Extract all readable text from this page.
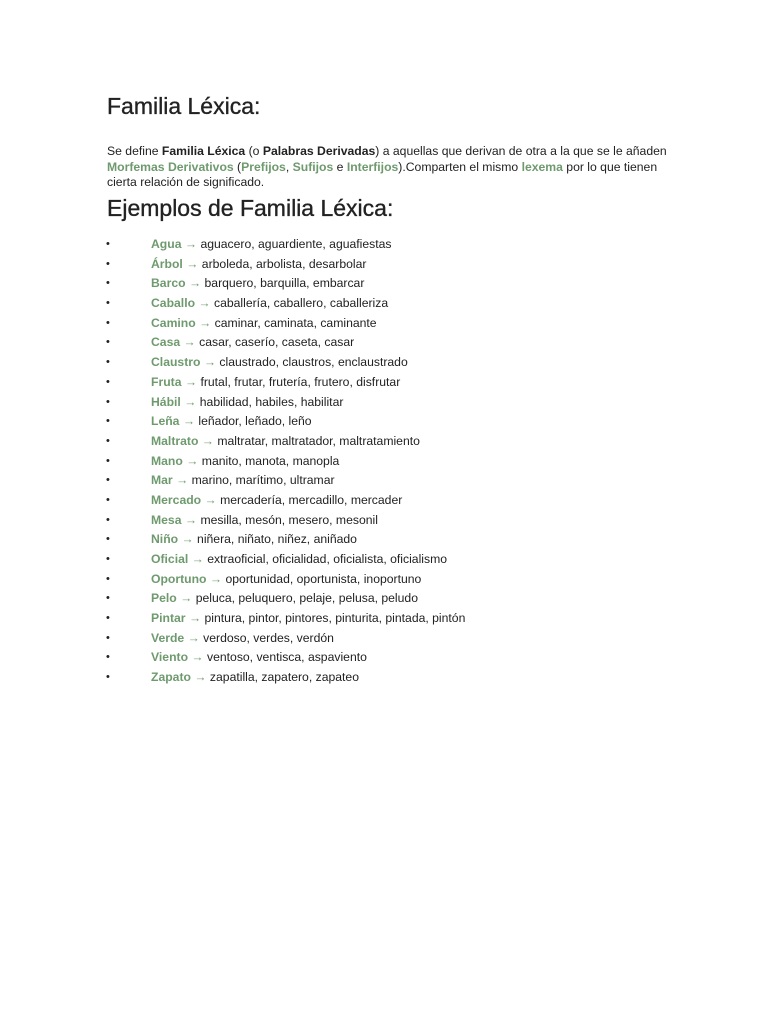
Familia Léxica:

Se define Familia Léxica (o Palabras Derivadas) a aquellas que derivan de otra a la que se le añaden Morfemas Derivativos (Prefijos, Sufijos e Interfijos).Comparten el mismo lexema por lo que tienen cierta relación de significado.

Ejemplos de Familia Léxica:
•	Agua → aguacero, aguardiente, aguafiestas
•	Árbol → arboleda, arbolista, desarbolar
•	Barco → barquero, barquilla, embarcar
•	Caballo → caballería, caballero, caballeriza
•	Camino → caminar, caminata, caminante
•	Casa → casar, caserío, caseta, casar
•	Claustro → claustrado, claustros, enclaustrado
•	Fruta → frutal, frutar, frutería, frutero, disfrutar
•	Hábil → habilidad, habiles, habilitar
•	Leña → leñador, leñado, leño
•	Maltrato → maltratar, maltratador, maltratamiento
•	Mano → manito, manota, manopla
•	Mar → marino, marítimo, ultramar
•	Mercado → mercadería, mercadillo, mercader
•	Mesa → mesilla, mesón, mesero, mesonil
•	Niño → niñera, niñato, niñez, aniñado
•	Oficial → extraoficial, oficialidad, oficialista, oficialismo
•	Oportuno → oportunidad, oportunista, inoportuno
•	Pelo → peluca, peluquero, pelaje, pelusa, peludo
•	Pintar → pintura, pintor, pintores, pinturita, pintada, pintón
•	Verde → verdoso, verdes, verdón
•	Viento → ventoso, ventisca, aspaviento
•	Zapato → zapatilla, zapatero, zapateo
